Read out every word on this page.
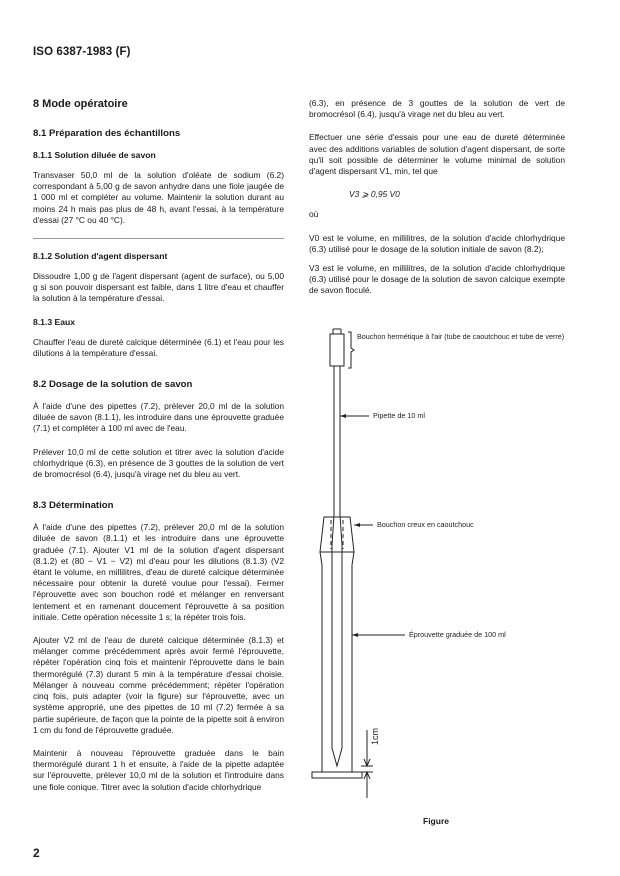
ISO 6387-1983 (F)
8 Mode opératoire
8.1 Préparation des échantillons
8.1.1 Solution diluée de savon

Transvaser 50,0 ml de la solution d'oléate de sodium (6.2) correspondant à 5,00 g de savon anhydre dans une fiole jaugée de 1 000 ml et compléter au volume. Maintenir la solution durant au moins 24 h mais pas plus de 48 h, avant l'essai, à la température d'essai (27 °C ou 40 °C).

8.1.2 Solution d'agent dispersant

Dissoudre 1,00 g de l'agent dispersant (agent de surface), ou 5,00 g si son pouvoir dispersant est faible, dans 1 litre d'eau et chauffer la solution à la température d'essai.

8.1.3 Eaux

Chauffer l'eau de dureté calcique déterminée (6.1) et l'eau pour les dilutions à la température d'essai.

8.2 Dosage de la solution de savon

À l'aide d'une des pipettes (7.2), prélever 20,0 ml de la solution diluée de savon (8.1.1), les introduire dans une éprouvette graduée (7.1) et compléter à 100 ml avec de l'eau.

Prélever 10,0 ml de cette solution et titrer avec la solution d'acide chlorhydrique (6.3), en présence de 3 gouttes de la solution de vert de bromocrésol (6.4), jusqu'à virage net du bleu au vert.

8.3 Détermination

À l'aide d'une des pipettes (7.2), prélever 20,0 ml de la solution diluée de savon (8.1.1) et les introduire dans une éprouvette graduée (7.1). Ajouter V1 ml de la solution d'agent dispersant (8.1.2) et (80 − V1 − V2) ml d'eau pour les dilutions (8.1.3) (V2 étant le volume, en millilitres, d'eau de dureté calcique déterminée nécessaire pour obtenir la dureté voulue pour l'essai). Fermer l'éprouvette avec son bouchon rodé et mélanger en renversant lentement et en ramenant doucement l'éprouvette à sa position initiale. Cette opération nécessite 1 s; la répéter trois fois.

Ajouter V2 ml de l'eau de dureté calcique déterminée (8.1.3) et mélanger comme précédemment après avoir fermé l'éprouvette, répéter l'opération cinq fois et maintenir l'éprouvette dans le bain thermorégulé (7.3) durant 5 min à la température d'essai choisie. Mélanger à nouveau comme précédemment; répéter l'opération cinq fois, puis adapter (voir la figure) sur l'éprouvette, avec un système approprié, une des pipettes de 10 ml (7.2) fermée à sa partie supérieure, de façon que la pointe de la pipette soit à environ 1 cm du fond de l'éprouvette graduée.

Maintenir à nouveau l'éprouvette graduée dans le bain thermorégulé durant 1 h et ensuite, à l'aide de la pipette adaptée sur l'éprouvette, prélever 10,0 ml de la solution et l'introduire dans une fiole conique. Titrer avec la solution d'acide chlorhydrique

(6.3), en présence de 3 gouttes de la solution de vert de bromocrésol (6.4), jusqu'à virage net du bleu au vert.

Effectuer une série d'essais pour une eau de dureté déterminée avec des additions variables de solution d'agent dispersant, de sorte qu'il soit possible de déterminer le volume minimal de solution d'agent dispersant V1, min, tel que

V3 ⩾ 0,95 V0
où

V0 est le volume, en millilitres, de la solution d'acide chlorhydrique (6.3) utilisé pour le dosage de la solution initiale de savon (8.2);

V3 est le volume, en millilitres, de la solution d'acide chlorhydrique (6.3) utilisé pour le dosage de la solution de savon calcique exempte de savon floculé.

Bouchon hermétique à l'air (tube de caoutchouc et tube de verre)
Pipette de 10 ml
Bouchon creux en caoutchouc
Éprouvette graduée de 100 ml
1cm
Figure
2
